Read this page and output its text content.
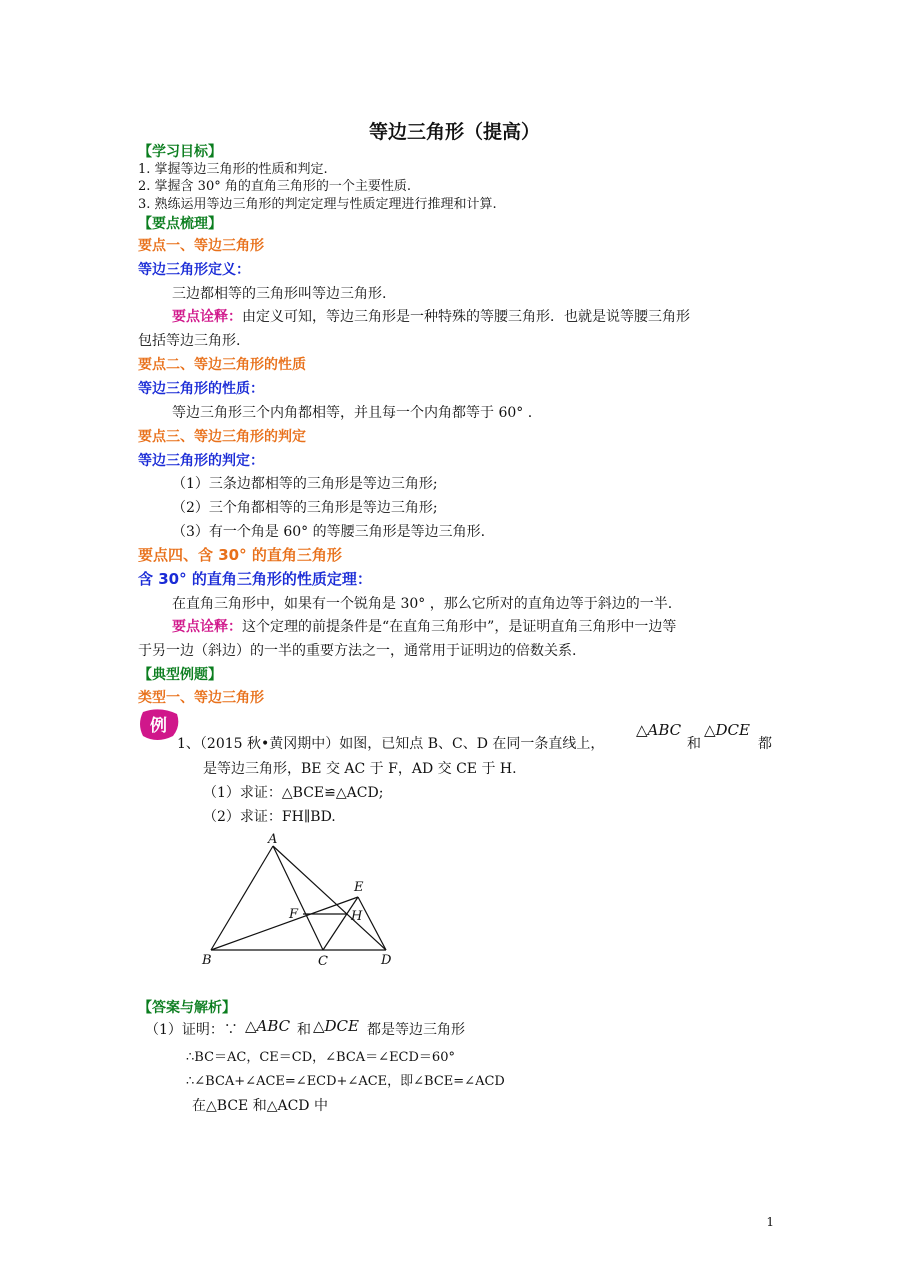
等边三角形（提高）
【学习目标】
1. 掌握等边三角形的性质和判定.
2. 掌握含 30° 角的直角三角形的一个主要性质.
3. 熟练运用等边三角形的判定定理与性质定理进行推理和计算.
【要点梳理】
要点一、等边三角形
等边三角形定义：
三边都相等的三角形叫等边三角形.
要点诠释：由定义可知，等边三角形是一种特殊的等腰三角形．也就是说等腰三角形
包括等边三角形.
要点二、等边三角形的性质
等边三角形的性质：
等边三角形三个内角都相等，并且每一个内角都等于 60° .
要点三、等边三角形的判定
等边三角形的判定：
（1）三条边都相等的三角形是等边三角形;
（2）三个角都相等的三角形是等边三角形;
（3）有一个角是 60° 的等腰三角形是等边三角形.
要点四、含 30° 的直角三角形
含 30° 的直角三角形的性质定理：
在直角三角形中，如果有一个锐角是 30° ，那么它所对的直角边等于斜边的一半.
要点诠释：这个定理的前提条件是“在直角三角形中”，是证明直角三角形中一边等
于另一边（斜边）的一半的重要方法之一，通常用于证明边的倍数关系.
【典型例题】
类型一、等边三角形
例
1、（2015 秋•黄冈期中）如图，已知点 B、C、D 在同一条直线上，
△ABC
和
△DCE
都
是等边三角形，BE 交 AC 于 F，AD 交 CE 于 H.
（1）求证：△BCE≌△ACD;
（2）求证：FH∥BD.
A
B	C	D
E
F	H
【答案与解析】
（1）证明：∵ △ABC 和 △DCE 都是等边三角形
∴BC＝AC，CE＝CD，∠BCA＝∠ECD＝60°
∴∠BCA+∠ACE=∠ECD+∠ACE，即∠BCE=∠ACD
在△BCE 和△ACD 中
1
